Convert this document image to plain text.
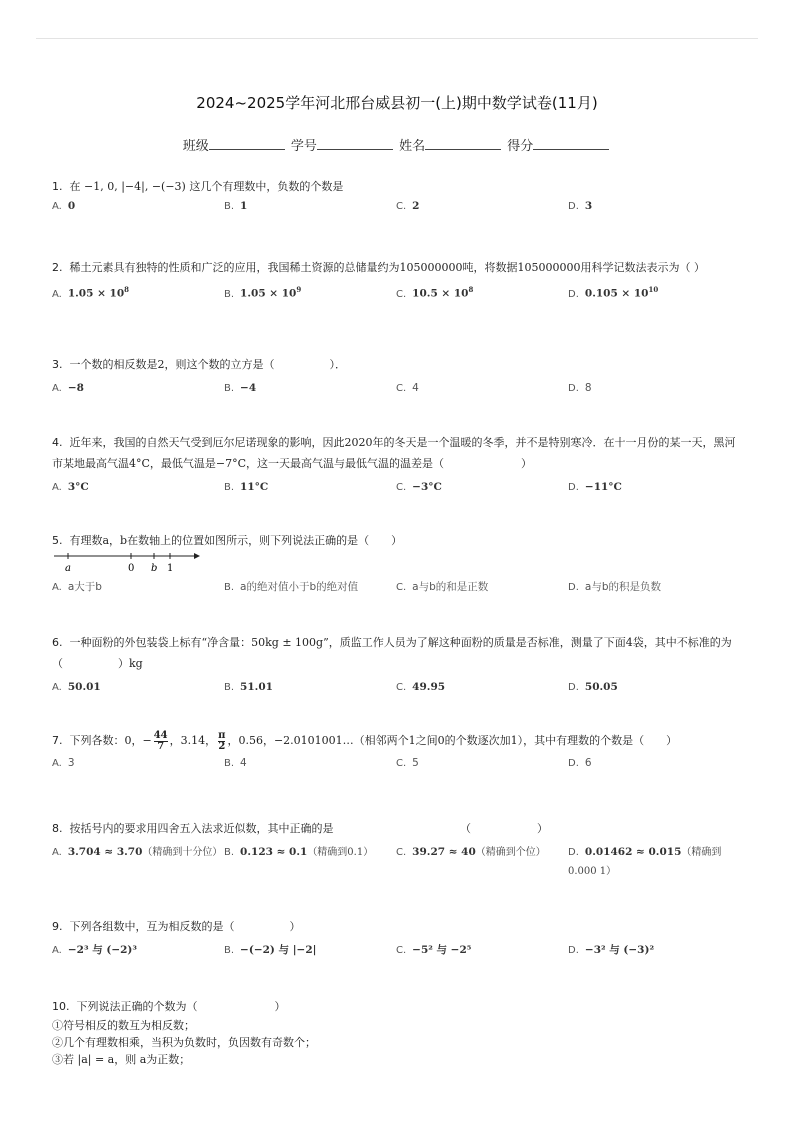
2024~2025学年河北邢台威县初一(上)期中数学试卷(11月)
班级	学号	姓名	得分
1. 在 −1, 0, |−4|, −(−3) 这几个有理数中，负数的个数是
A. 0	B. 1	C. 2	D. 3
2. 稀土元素具有独特的性质和广泛的应用，我国稀土资源的总储量约为105000000吨，将数据105000000用科学记数法表示为（ ）
A. $1.05 \times 10^8$	B. $1.05 \times 10^9$	C. $10.5 \times 10^8$	D. $0.105 \times 10^{10}$
3. 一个数的相反数是2，则这个数的立方是（　　　　　）．
A. −8	B. −4	C. 4	D. 8
4. 近年来，我国的自然天气受到厄尔尼诺现象的影响，因此2020年的冬天是一个温暖的冬季，并不是特别寒冷．在十一月份的某一天，黑河市某地最高气温4°C，最低气温是−7°C，这一天最高气温与最低气温的温差是（　　　　　　　）
A. 3°C	B. 11°C	C. −3°C	D. −11°C
5. 有理数a，b在数轴上的位置如图所示，则下列说法正确的是（　　）
a	0 b 1
A. a大于b	B. a的绝对值小于b的绝对值	C. a与b的和是正数	D. a与b的积是负数
6. 一种面粉的外包装袋上标有“净含量：50kg ± 100g”，质监工作人员为了解这种面粉的质量是否标准，测量了下面4袋，其中不标准的为（　　　　　）kg
A. 50.01	B. 51.01	C. 49.95	D. 50.05
7. 下列各数：0，− $\frac{44}{7}$ ，3.14， $\frac{\pi}{2}$ ，0.56，−2.0101001…（相邻两个1之间0的个数逐次加1），其中有理数的个数是（　　）
A. 3	B. 4	C. 5	D. 6
8. 按括号内的要求用四舍五入法求近似数，其中正确的是　　　　　　　　　　　　（　　　　　　）
A. 3.704 ≈ 3.70（精确到十分位） B. 0.123 ≈ 0.1（精确到0.1）	C. 39.27 ≈ 40（精确到个位）	D. 0.01462 ≈ 0.015（精确到0.000 1）
9. 下列各组数中，互为相反数的是（　　　　　）
A. −2³ 与 (−2)³	B. −(−2) 与 |−2|	C. −5² 与 −2⁵	D. −3² 与 (−3)²
10. 下列说法正确的个数为（　　　　　　　）
①符号相反的数互为相反数；
②几个有理数相乘，当积为负数时，负因数有奇数个；
③若 |a| = a，则 a为正数；
